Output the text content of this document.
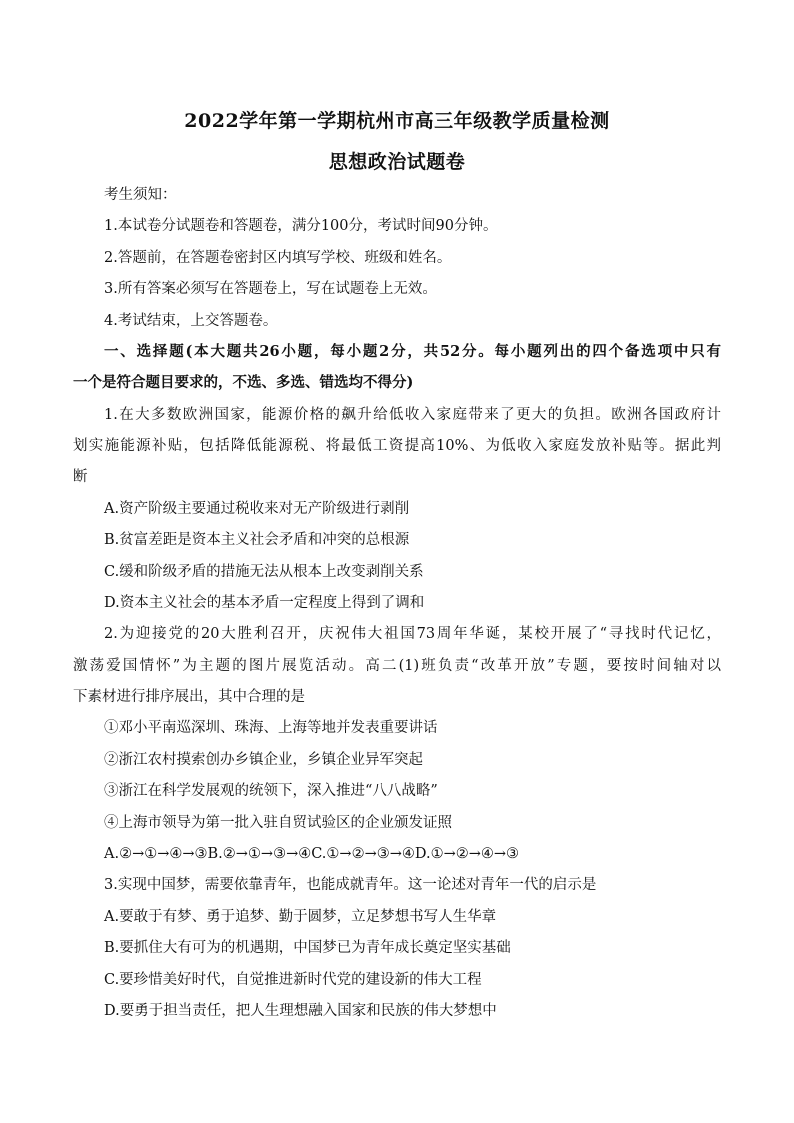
2022学年第一学期杭州市高三年级教学质量检测
思想政治试题卷
考生须知：
1.本试卷分试题卷和答题卷，满分100分，考试时间90分钟。
2.答题前，在答题卷密封区内填写学校、班级和姓名。
3.所有答案必须写在答题卷上，写在试题卷上无效。
4.考试结束，上交答题卷。
一、选择题(本大题共26小题，每小题2分，共52分。每小题列出的四个备选项中只有
一个是符合题目要求的，不选、多选、错选均不得分)
1.在大多数欧洲国家，能源价格的飙升给低收入家庭带来了更大的负担。欧洲各国政府计
划实施能源补贴，包括降低能源税、将最低工资提高10%、为低收入家庭发放补贴等。据此判
断
A.资产阶级主要通过税收来对无产阶级进行剥削
B.贫富差距是资本主义社会矛盾和冲突的总根源
C.缓和阶级矛盾的措施无法从根本上改变剥削关系
D.资本主义社会的基本矛盾一定程度上得到了调和
2.为迎接党的20大胜利召开，庆祝伟大祖国73周年华诞，某校开展了“寻找时代记忆，
激荡爱国情怀”为主题的图片展览活动。高二(1)班负责“改革开放”专题，要按时间轴对以
下素材进行排序展出，其中合理的是
①邓小平南巡深圳、珠海、上海等地并发表重要讲话
②浙江农村摸索创办乡镇企业，乡镇企业异军突起
③浙江在科学发展观的统领下，深入推进“八八战略”
④上海市领导为第一批入驻自贸试验区的企业颁发证照
A.②→①→④→③B.②→①→③→④C.①→②→③→④D.①→②→④→③
3.实现中国梦，需要依靠青年，也能成就青年。这一论述对青年一代的启示是
A.要敢于有梦、勇于追梦、勤于圆梦，立足梦想书写人生华章
B.要抓住大有可为的机遇期，中国梦已为青年成长奠定坚实基础
C.要珍惜美好时代，自觉推进新时代党的建设新的伟大工程
D.要勇于担当责任，把人生理想融入国家和民族的伟大梦想中
